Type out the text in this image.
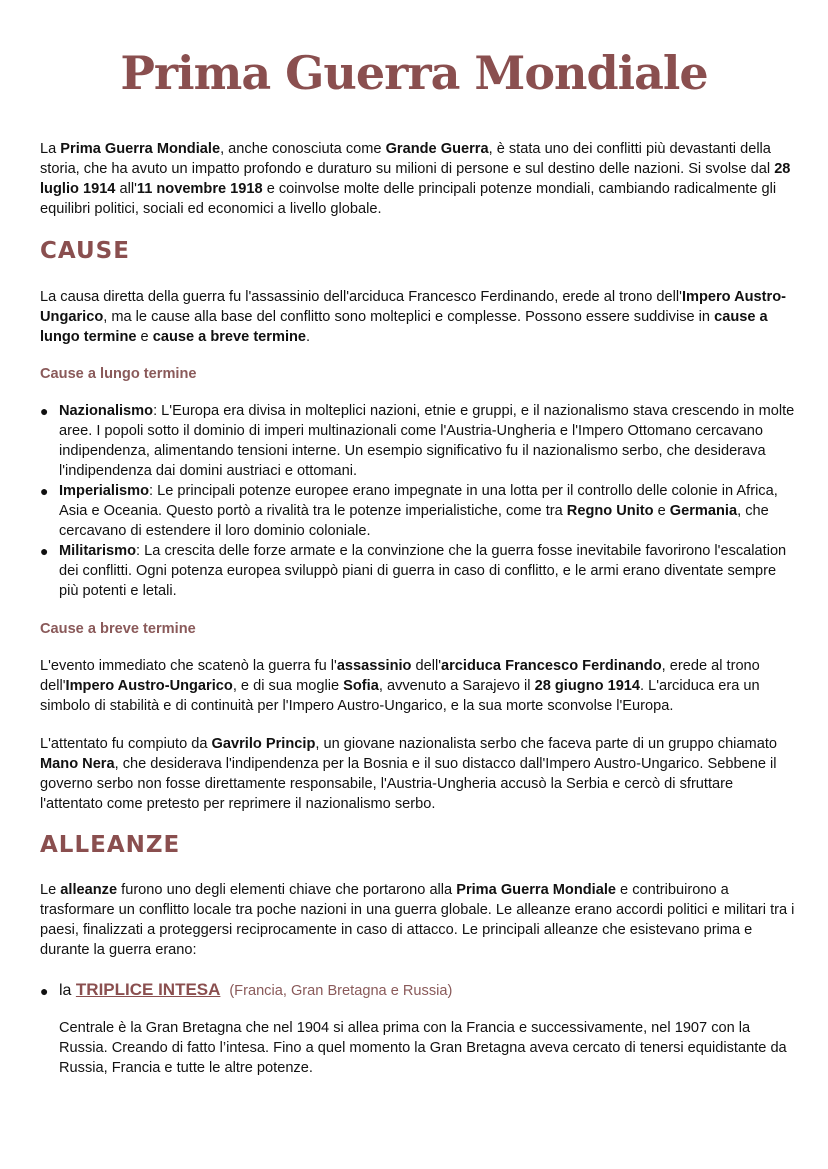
Prima Guerra Mondiale

La Prima Guerra Mondiale, anche conosciuta come Grande Guerra, è stata uno dei conflitti più devastanti della storia, che ha avuto un impatto profondo e duraturo su milioni di persone e sul destino delle nazioni. Si svolse dal 28 luglio 1914 all'11 novembre 1918 e coinvolse molte delle principali potenze mondiali, cambiando radicalmente gli equilibri politici, sociali ed economici a livello globale.

CAUSE

La causa diretta della guerra fu l'assassinio dell'arciduca Francesco Ferdinando, erede al trono dell'Impero Austro-Ungarico, ma le cause alla base del conflitto sono molteplici e complesse. Possono essere suddivise in cause a lungo termine e cause a breve termine.

Cause a lungo termine
● Nazionalismo: L'Europa era divisa in molteplici nazioni, etnie e gruppi, e il nazionalismo stava crescendo in molte aree. I popoli sotto il dominio di imperi multinazionali come l'Austria-Ungheria e l'Impero Ottomano cercavano indipendenza, alimentando tensioni interne. Un esempio significativo fu il nazionalismo serbo, che desiderava l'indipendenza dai domini austriaci e ottomani.
● Imperialismo: Le principali potenze europee erano impegnate in una lotta per il controllo delle colonie in Africa, Asia e Oceania. Questo portò a rivalità tra le potenze imperialistiche, come tra Regno Unito e Germania, che cercavano di estendere il loro dominio coloniale.
● Militarismo: La crescita delle forze armate e la convinzione che la guerra fosse inevitabile favorirono l'escalation dei conflitti. Ogni potenza europea sviluppò piani di guerra in caso di conflitto, e le armi erano diventate sempre più potenti e letali.
Cause a breve termine

L'evento immediato che scatenò la guerra fu l'assassinio dell'arciduca Francesco Ferdinando, erede al trono dell'Impero Austro-Ungarico, e di sua moglie Sofia, avvenuto a Sarajevo il 28 giugno 1914. L'arciduca era un simbolo di stabilità e di continuità per l'Impero Austro-Ungarico, e la sua morte sconvolse l'Europa.

L'attentato fu compiuto da Gavrilo Princip, un giovane nazionalista serbo che faceva parte di un gruppo chiamato Mano Nera, che desiderava l'indipendenza per la Bosnia e il suo distacco dall'Impero Austro-Ungarico. Sebbene il governo serbo non fosse direttamente responsabile, l'Austria-Ungheria accusò la Serbia e cercò di sfruttare l'attentato come pretesto per reprimere il nazionalismo serbo.

ALLEANZE

Le alleanze furono uno degli elementi chiave che portarono alla Prima Guerra Mondiale e contribuirono a trasformare un conflitto locale tra poche nazioni in una guerra globale. Le alleanze erano accordi politici e militari tra i paesi, finalizzati a proteggersi reciprocamente in caso di attacco. Le principali alleanze che esistevano prima e durante la guerra erano:

● la TRIPLICE INTESA (Francia, Gran Bretagna e Russia)

Centrale è la Gran Bretagna che nel 1904 si allea prima con la Francia e successivamente, nel 1907 con la Russia. Creando di fatto l’intesa. Fino a quel momento la Gran Bretagna aveva cercato di tenersi equidistante da Russia, Francia e tutte le altre potenze.
